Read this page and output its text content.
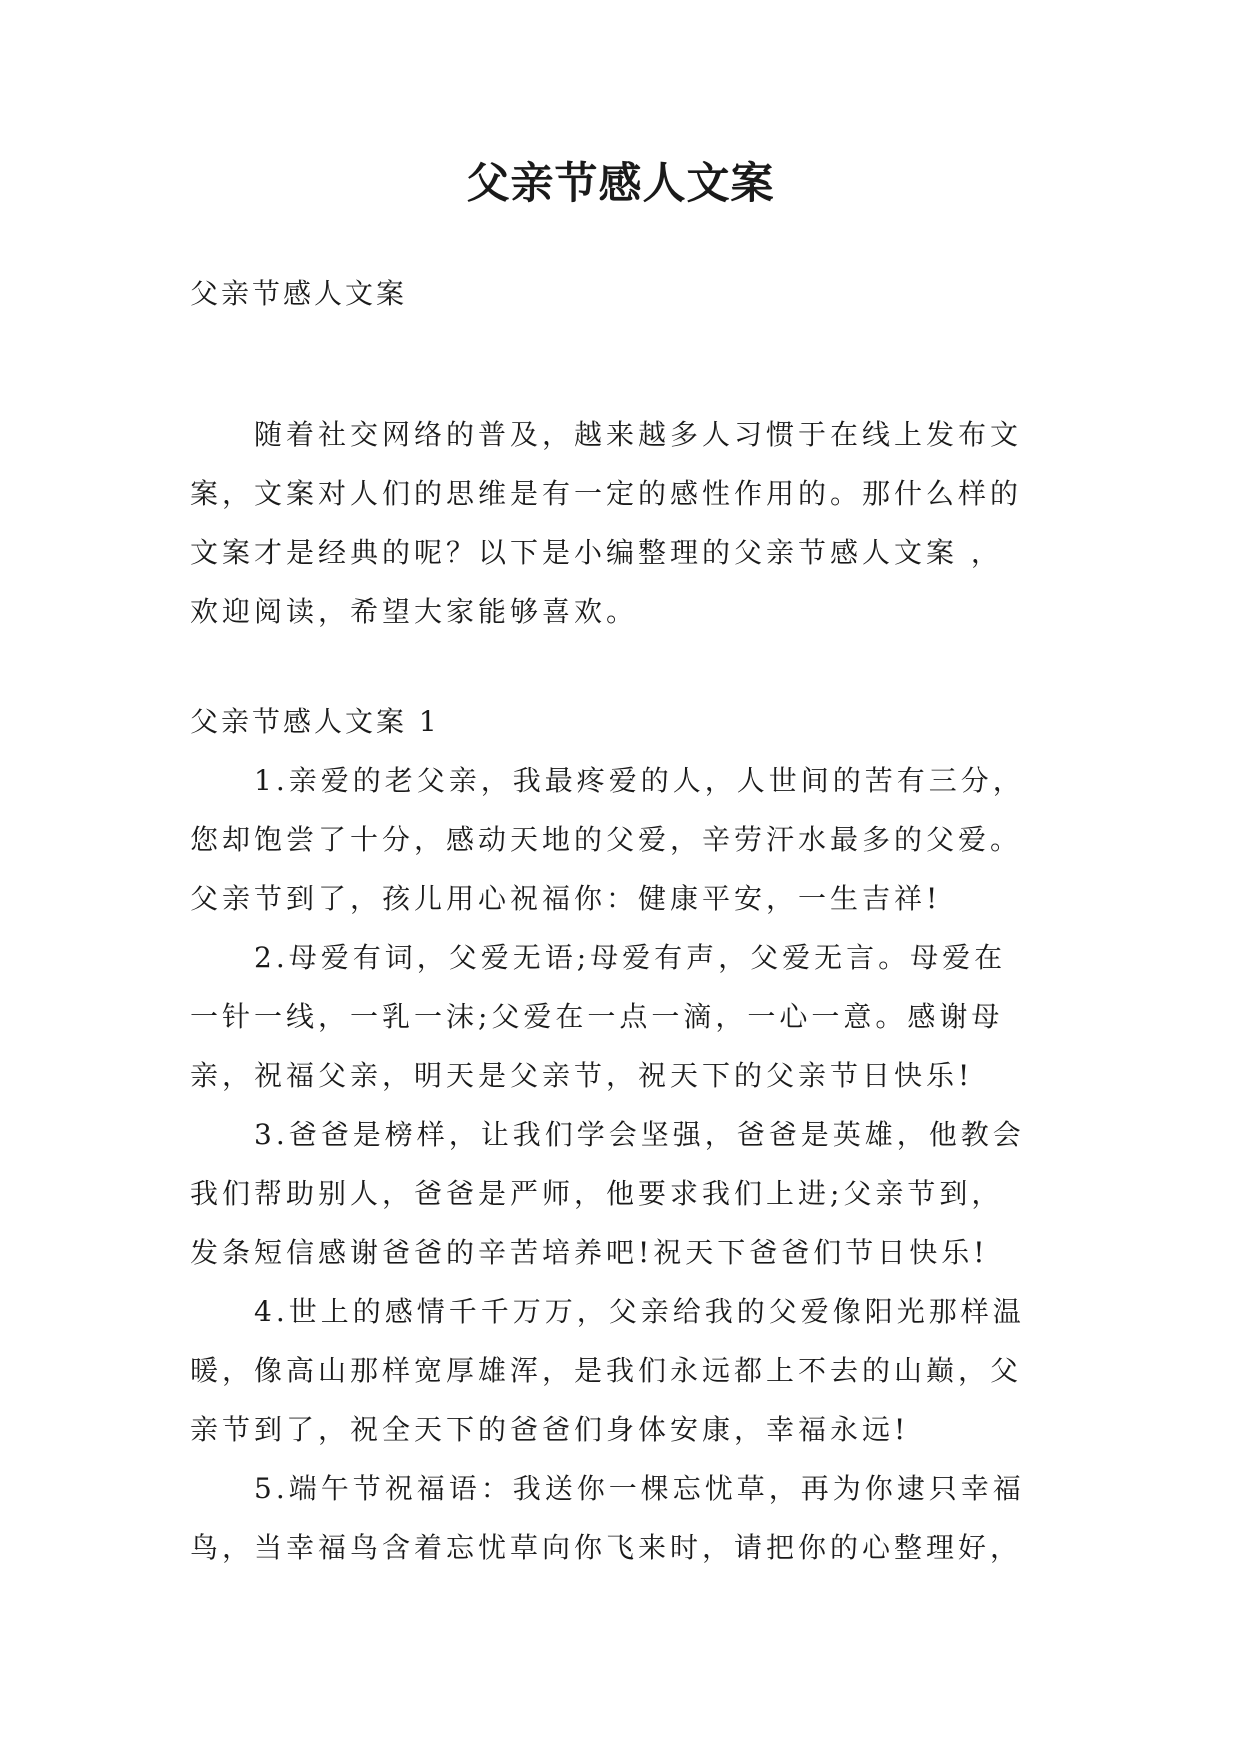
父亲节感人文案
父亲节感人文案
　　随着社交网络的普及，越来越多人习惯于在线上发布文
案，文案对人们的思维是有一定的感性作用的。那什么样的
文案才是经典的呢？以下是小编整理的父亲节感人文案 ，
欢迎阅读，希望大家能够喜欢。
父亲节感人文案 1
　　1.亲爱的老父亲，我最疼爱的人，人世间的苦有三分，
您却饱尝了十分，感动天地的父爱，辛劳汗水最多的父爱。
父亲节到了，孩儿用心祝福你：健康平安，一生吉祥!
　　2.母爱有词，父爱无语;母爱有声，父爱无言。母爱在
一针一线，一乳一沫;父爱在一点一滴，一心一意。感谢母
亲，祝福父亲，明天是父亲节，祝天下的父亲节日快乐!
　　3.爸爸是榜样，让我们学会坚强，爸爸是英雄，他教会
我们帮助别人，爸爸是严师，他要求我们上进;父亲节到，
发条短信感谢爸爸的辛苦培养吧!祝天下爸爸们节日快乐!
　　4.世上的感情千千万万，父亲给我的父爱像阳光那样温
暖，像高山那样宽厚雄浑，是我们永远都上不去的山巅，父
亲节到了，祝全天下的爸爸们身体安康，幸福永远!
　　5.端午节祝福语：我送你一棵忘忧草，再为你逮只幸福
鸟，当幸福鸟含着忘忧草向你飞来时，请把你的心整理好，
